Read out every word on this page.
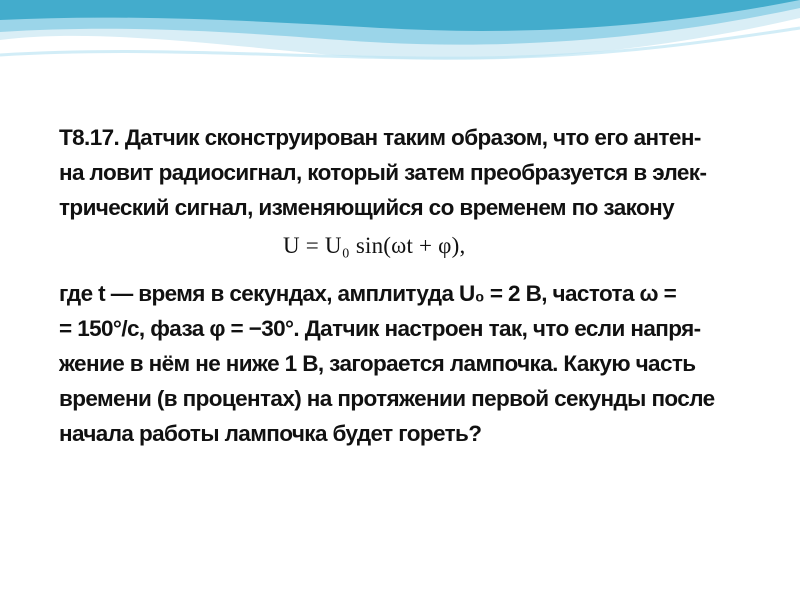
Т8.17. Датчик сконструирован таким образом, что его антен-
на ловит радиосигнал, который затем преобразуется в элек-
трический сигнал, изменяющийся со временем по закону
U = U₀ sin(ωt + φ),
где t — время в секундах, амплитуда U₀ = 2 В, частота ω =
= 150°/с, фаза φ = −30°. Датчик настроен так, что если напря-
жение в нём не ниже 1 В, загорается лампочка. Какую часть
времени (в процентах) на протяжении первой секунды после
начала работы лампочка будет гореть?
